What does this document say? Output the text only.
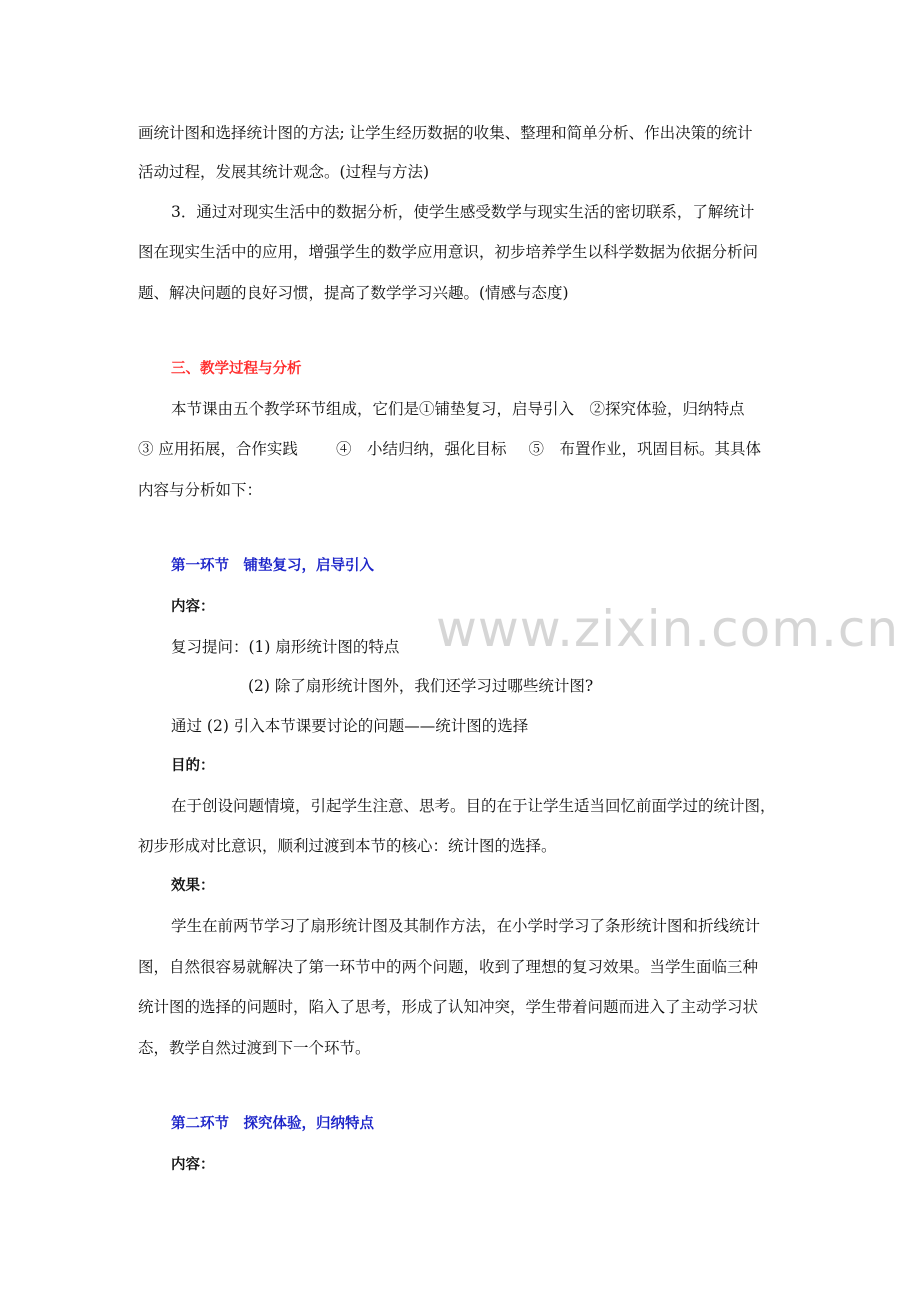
画统计图和选择统计图的方法; 让学生经历数据的收集、整理和简单分析、作出决策的统计
活动过程，发展其统计观念。(过程与方法)
3．通过对现实生活中的数据分析，使学生感受数学与现实生活的密切联系，了解统计
图在现实生活中的应用，增强学生的数学应用意识，初步培养学生以科学数据为依据分析问
题、解决问题的良好习惯，提高了数学学习兴趣。(情感与态度)
三、教学过程与分析
本节课由五个教学环节组成，它们是①铺垫复习，启导引入　②探究体验，归纳特点
③ 应用拓展，合作实践 ④　小结归纳，强化目标 ⑤　布置作业，巩固目标。其具体
内容与分析如下：
第一环节　铺垫复习，启导引入
内容：
复习提问：(1) 扇形统计图的特点
(2) 除了扇形统计图外，我们还学习过哪些统计图?
通过 (2) 引入本节课要讨论的问题——统计图的选择
目的：
在于创设问题情境，引起学生注意、思考。目的在于让学生适当回忆前面学过的统计图，
初步形成对比意识，顺利过渡到本节的核心：统计图的选择。
效果：
学生在前两节学习了扇形统计图及其制作方法，在小学时学习了条形统计图和折线统计
图，自然很容易就解决了第一环节中的两个问题，收到了理想的复习效果。当学生面临三种
统计图的选择的问题时，陷入了思考，形成了认知冲突，学生带着问题而进入了主动学习状
态，教学自然过渡到下一个环节。
第二环节　探究体验，归纳特点
内容：
www.zixin.com.cn
